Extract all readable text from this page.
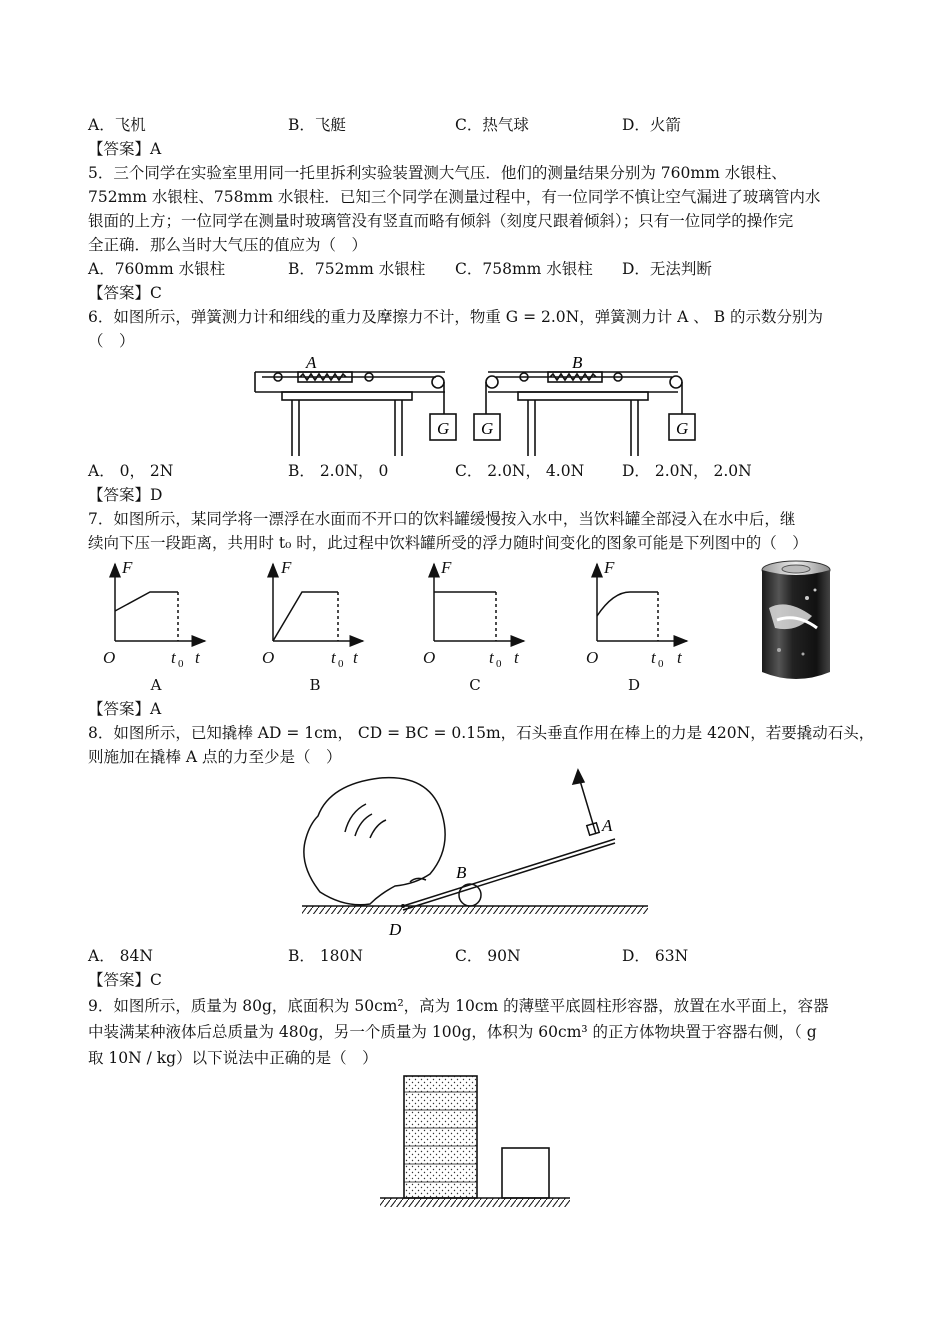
A．飞机	B．飞艇	C．热气球	D．火箭
【答案】A
5．三个同学在实验室里用同一托里拆利实验装置测大气压．他们的测量结果分别为 760mm 水银柱、
752mm 水银柱、758mm 水银柱．已知三个同学在测量过程中，有一位同学不慎让空气漏进了玻璃管内水
银面的上方；一位同学在测量时玻璃管没有竖直而略有倾斜（刻度尺跟着倾斜）；只有一位同学的操作完
全正确．那么当时大气压的值应为（　）
A．760mm 水银柱	B．752mm 水银柱 C．758mm 水银柱 D．无法判断
【答案】C
6．如图所示，弹簧测力计和细线的重力及摩擦力不计，物重 G = 2.0N，弹簧测力计 A 、 B 的示数分别为
（　）
A	B
G G	G
A． 0， 2N	B． 2.0N， 0	C． 2.0N， 4.0N D． 2.0N， 2.0N
【答案】D
7．如图所示，某同学将一漂浮在水面而不开口的饮料罐缓慢按入水中，当饮料罐全部浸入在水中后，继
续向下压一段距离，共用时 t₀ 时，此过程中饮料罐所受的浮力随时间变化的图象可能是下列图中的（　）
F
O	t 0 t
F
O	t 0 t
F
O	t 0 t
F
O	t 0 t
A	B	C	D
【答案】A
8．如图所示，已知撬棒 AD = 1cm， CD = BC = 0.15m，石头垂直作用在棒上的力是 420N，若要撬动石头，
则施加在撬棒 A 点的力至少是（　）
A
B
D
A． 84N	B． 180N	C． 90N	D． 63N
【答案】C
9．如图所示，质量为 80g，底面积为 50cm²，高为 10cm 的薄壁平底圆柱形容器，放置在水平面上，容器
中装满某种液体后总质量为 480g，另一个质量为 100g，体积为 60cm³ 的正方体物块置于容器右侧，（ g
取 10N / kg）以下说法中正确的是（　）
